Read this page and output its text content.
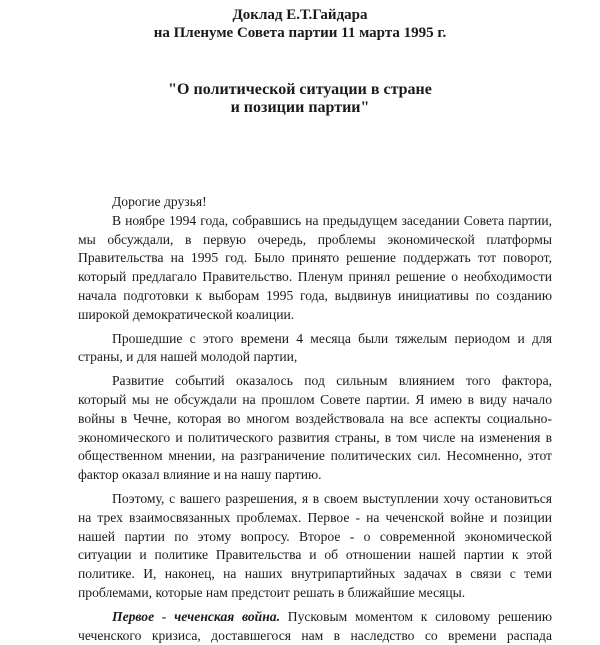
Доклад Е.Т.Гайдара
на Пленуме Совета партии 11 марта 1995 г.
"О политической ситуации в стране
и позиции партии"
Дорогие друзья!
В ноябре 1994 года, собравшись на предыдущем заседании Совета партии,
мы обсуждали, в первую очередь, проблемы экономической платформы
Правительства на 1995 год. Было принято решение поддержать тот поворот,
который предлагало Правительство. Пленум принял решение о необходимости
начала подготовки к выборам 1995 года, выдвинув инициативы по созданию
широкой демократической коалиции.
Прошедшие с этого времени 4 месяца были тяжелым периодом и для
страны, и для нашей молодой партии,
Развитие событий оказалось под сильным влиянием того фактора,
который мы не обсуждали на прошлом Совете партии. Я имею в виду начало
войны в Чечне, которая во многом воздействовала на все аспекты социально-
экономического и политического развития страны, в том числе на изменения в
общественном мнении, на разграничение политических сил. Несомненно, этот
фактор оказал влияние и на нашу партию.
Поэтому, с вашего разрешения, я в своем выступлении хочу остановиться
на трех взаимосвязанных проблемах. Первое - на чеченской войне и позиции
нашей партии по этому вопросу. Второе - о современной экономической
ситуации и политике Правительства и об отношении нашей партии к этой
политике. И, наконец, на наших внутрипартийных задачах в связи с теми
проблемами, которые нам предстоит решать в ближайшие месяцы.
Первое - чеченская война. Пусковым моментом к силовому решению
чеченского кризиса, доставшегося нам в наследство со времени распада
